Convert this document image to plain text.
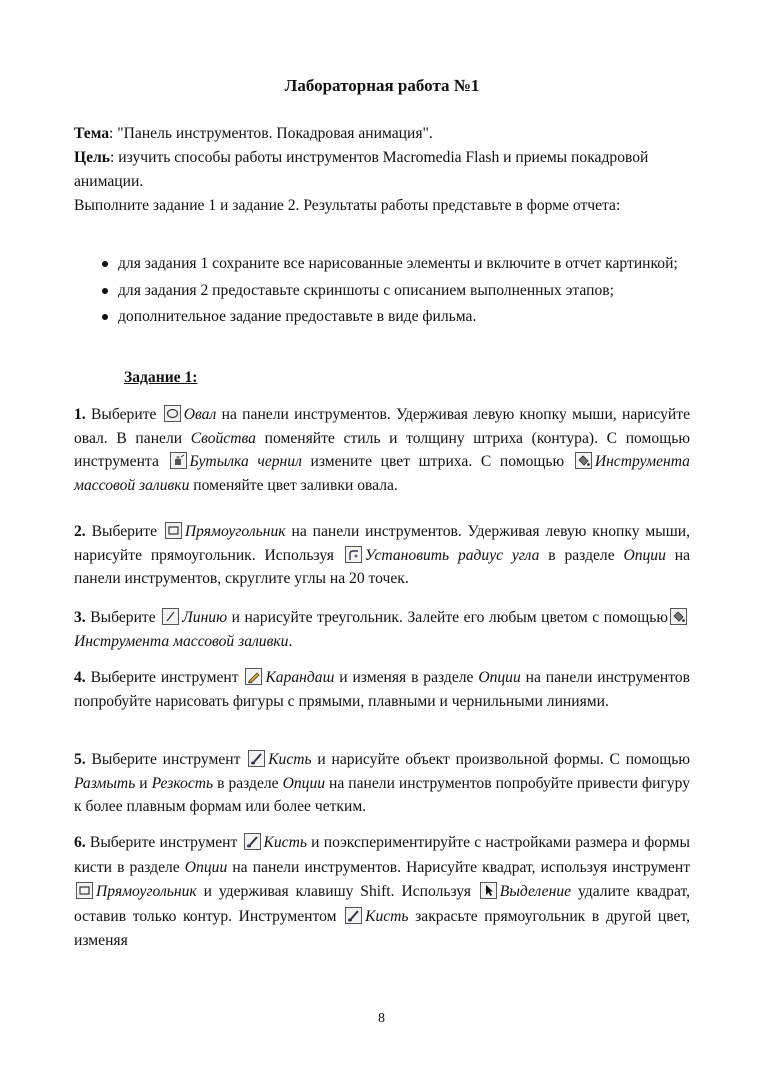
Лабораторная работа №1

Тема: "Панель инструментов. Покадровая анимация".

Цель: изучить способы работы инструментов Macromedia Flash и приемы покадровой анимации.

Выполните задание 1 и задание 2. Результаты работы представьте в форме отчета:

для задания 1 сохраните все нарисованные элементы и включите в отчет картинкой;
для задания 2 предоставьте скриншоты с описанием выполненных этапов;
дополнительное задание предоставьте в виде фильма.
Задание 1:

1. Выберите
Овал на панели инструментов. Удерживая левую кнопку мыши, нарисуйте овал. В панели Свойства поменяйте стиль и толщину штриха (контура). С помощью инструмента
Бутылка чернил измените цвет штриха. С помощью
Инструмента массовой заливки поменяйте цвет заливки овала.

2. Выберите
Прямоугольник на панели инструментов. Удерживая левую кнопку мыши, нарисуйте прямоугольник. Используя
Установить радиус угла в разделе Опции на панели инструментов, скруглите углы на 20 точек.

3. Выберите
Линию и нарисуйте треугольник. Залейте его любым цветом с помощью
Инструмента массовой заливки.

4. Выберите инструмент
Карандаш и изменяя в разделе Опции на панели инструментов попробуйте нарисовать фигуры с прямыми, плавными и чернильными линиями.

5. Выберите инструмент
Кисть и нарисуйте объект произвольной формы. С помощью Размыть и Резкость в разделе Опции на панели инструментов попробуйте привести фигуру к более плавным формам или более четким.

6. Выберите инструмент
Кисть и поэкспериментируйте с настройками размера и формы кисти в разделе Опции на панели инструментов. Нарисуйте квадрат, используя инструмент
Прямоугольник и удерживая клавишу Shift. Используя
Выделение удалите квадрат, оставив только контур. Инструментом
Кисть закрасьте прямоугольник в другой цвет, изменяя

8
